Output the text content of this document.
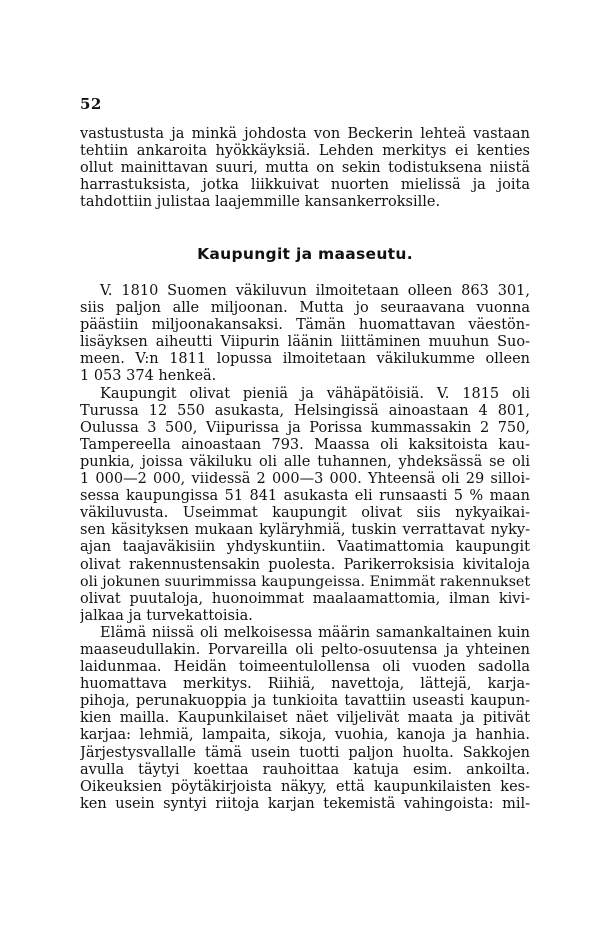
52
vastustusta ja minkä johdosta von Beckerin lehteä vastaan
tehtiin ankaroita hyökkäyksiä. Lehden merkitys ei kenties
ollut mainittavan suuri, mutta on sekin todistuksena niistä
harrastuksista, jotka liikkuivat nuorten mielissä ja joita
tahdottiin julistaa laajemmille kansankerroksille.
Kaupungit ja maaseutu.
V. 1810 Suomen väkiluvun ilmoitetaan olleen 863 301,
siis paljon alle miljoonan. Mutta jo seuraavana vuonna
päästiin miljoonakansaksi. Tämän huomattavan väestön-
lisäyksen aiheutti Viipurin läänin liittäminen muuhun Suo-
meen. V:n 1811 lopussa ilmoitetaan väkilukumme olleen
1 053 374 henkeä.
Kaupungit olivat pieniä ja vähäpätöisiä. V. 1815 oli
Turussa 12 550 asukasta, Helsingissä ainoastaan 4 801,
Oulussa 3 500, Viipurissa ja Porissa kummassakin 2 750,
Tampereella ainoastaan 793. Maassa oli kaksitoista kau-
punkia, joissa väkiluku oli alle tuhannen, yhdeksässä se oli
1 000—2 000, viidessä 2 000—3 000. Yhteensä oli 29 silloi-
sessa kaupungissa 51 841 asukasta eli runsaasti 5 % maan
väkiluvusta. Useimmat kaupungit olivat siis nykyaikai-
sen käsityksen mukaan kyläryhmiä, tuskin verrattavat nyky-
ajan taajaväkisiin yhdyskuntiin. Vaatimattomia kaupungit
olivat rakennustensakin puolesta. Parikerroksisia kivitaloja
oli jokunen suurimmissa kaupungeissa. Enimmät rakennukset
olivat puutaloja, huonoimmat maalaamattomia, ilman kivi-
jalkaa ja turvekattoisia.
Elämä niissä oli melkoisessa määrin samankaltainen kuin
maaseudullakin. Porvareilla oli pelto-osuutensa ja yhteinen
laidunmaa. Heidän toimeentulollensa oli vuoden sadolla
huomattava merkitys. Riihiä, navettoja, lättejä, karja-
pihoja, perunakuoppia ja tunkioita tavattiin useasti kaupun-
kien mailla. Kaupunkilaiset näet viljelivät maata ja pitivät
karjaa: lehmiä, lampaita, sikoja, vuohia, kanoja ja hanhia.
Järjestysvallalle tämä usein tuotti paljon huolta. Sakkojen
avulla täytyi koettaa rauhoittaa katuja esim. ankoilta.
Oikeuksien pöytäkirjoista näkyy, että kaupunkilaisten kes-
ken usein syntyi riitoja karjan tekemistä vahingoista: mil-
